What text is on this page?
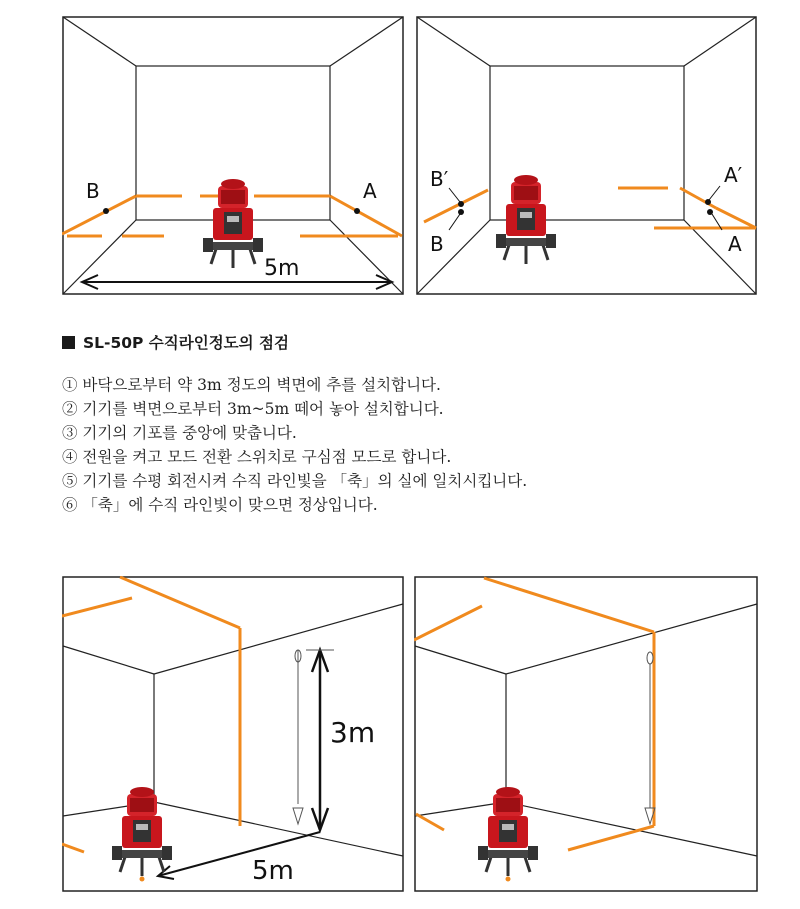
B	A
5m
B′
B
A′
A
SL-50P 수직라인정도의 점검
① 바닥으로부터 약 3m 정도의 벽면에 추를 설치합니다.
② 기기를 벽면으로부터 3m~5m 떼어 놓아 설치합니다.
③ 기기의 기포를 중앙에 맞춥니다.
④ 전원을 켜고 모드 전환 스위치로 구심점 모드로 합니다.
⑤ 기기를 수평 회전시켜 수직 라인빛을 「축」의 실에 일치시킵니다.
⑥ 「축」에 수직 라인빛이 맞으면 정상입니다.
3m
5m
